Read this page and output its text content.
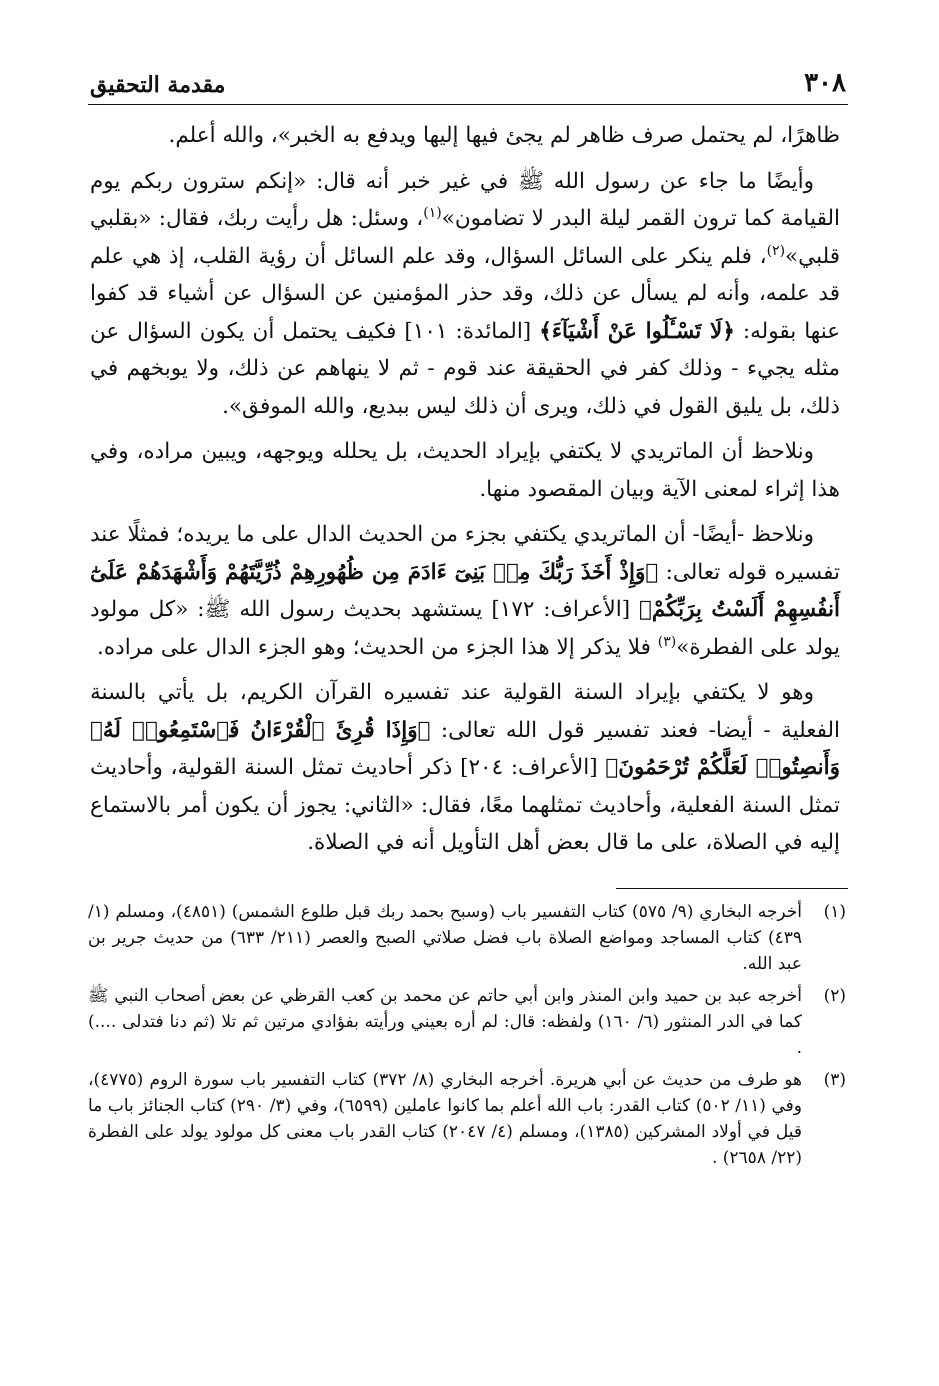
٣٠٨
مقدمة التحقيق

ظاهرًا، لم يحتمل صرف ظاهر لم يجئ فيها إليها ويدفع به الخبر»، والله أعلم.

وأيضًا ما جاء عن رسول الله ﷺ في غير خبر أنه قال: «إنكم سترون ربكم يوم القيامة كما ترون القمر ليلة البدر لا تضامون»$^{(١)}$، وسئل: هل رأيت ربك، فقال: «بقلبي قلبي»$^{(٢)}$، فلم ينكر على السائل السؤال، وقد علم السائل أن رؤية القلب، إذ هي علم قد علمه، وأنه لم يسأل عن ذلك، وقد حذر المؤمنين عن السؤال عن أشياء قد كفوا عنها بقوله: ﴿لَا تَسْـَٔلُوا عَنْ أَشْيَآءَ﴾ [المائدة: ١٠١] فكيف يحتمل أن يكون السؤال عن مثله يجيء - وذلك كفر في الحقيقة عند قوم - ثم لا ينهاهم عن ذلك، ولا يوبخهم في ذلك، بل يليق القول في ذلك، ويرى أن ذلك ليس ببديع، والله الموفق».

ونلاحظ أن الماتريدي لا يكتفي بإيراد الحديث، بل يحلله ويوجهه، ويبين مراده، وفي هذا إثراء لمعنى الآية وبيان المقصود منها.

ونلاحظ -أيضًا- أن الماتريدي يكتفي بجزء من الحديث الدال على ما يريده؛ فمثلًا عند تفسيره قوله تعالى: ﴿وَإِذْ أَخَذَ رَبُّكَ مِنۢ بَنِىٓ ءَادَمَ مِن ظُهُورِهِمْ ذُرِّيَّتَهُمْ وَأَشْهَدَهُمْ عَلَىٰٓ أَنفُسِهِمْ أَلَسْتُ بِرَبِّكُمْ﴾ [الأعراف: ١٧٢] يستشهد بحديث رسول الله ﷺ: «كل مولود يولد على الفطرة»$^{(٣)}$ فلا يذكر إلا هذا الجزء من الحديث؛ وهو الجزء الدال على مراده.

وهو لا يكتفي بإيراد السنة القولية عند تفسيره القرآن الكريم، بل يأتي بالسنة الفعلية - أيضا- فعند تفسير قول الله تعالى: ﴿وَإِذَا قُرِئَ ٱلْقُرْءَانُ فَٱسْتَمِعُوا۟ لَهُۥ وَأَنصِتُوا۟ لَعَلَّكُمْ تُرْحَمُونَ﴾ [الأعراف: ٢٠٤] ذكر أحاديث تمثل السنة القولية، وأحاديث تمثل السنة الفعلية، وأحاديث تمثلهما معًا، فقال: «الثاني: يجوز أن يكون أمر بالاستماع إليه في الصلاة، على ما قال بعض أهل التأويل أنه في الصلاة.

(١)
أخرجه البخاري (٩/ ٥٧٥) كتاب التفسير باب (وسبح بحمد ربك قبل طلوع الشمس) (٤٨٥١)، ومسلم (١/ ٤٣٩) كتاب المساجد ومواضع الصلاة باب فضل صلاتي الصبح والعصر (٢١١/ ٦٣٣) من حديث جرير بن عبد الله.
(٢)
أخرجه عبد بن حميد وابن المنذر وابن أبي حاتم عن محمد بن كعب القرظي عن بعض أصحاب النبي ﷺ كما في الدر المنثور (٦/ ١٦٠) ولفظه: قال: لم أره بعيني ورأيته بفؤادي مرتين ثم تلا (ثم دنا فتدلى ....) .
(٣)
هو طرف من حديث عن أبي هريرة. أخرجه البخاري (٨/ ٣٧٢) كتاب التفسير باب سورة الروم (٤٧٧٥)، وفي (١١/ ٥٠٢) كتاب القدر: باب الله أعلم بما كانوا عاملين (٦٥٩٩)، وفي (٣/ ٢٩٠) كتاب الجنائز باب ما قيل في أولاد المشركين (١٣٨٥)، ومسلم (٤/ ٢٠٤٧) كتاب القدر باب معنى كل مولود يولد على الفطرة (٢٢/ ٢٦٥٨) .
